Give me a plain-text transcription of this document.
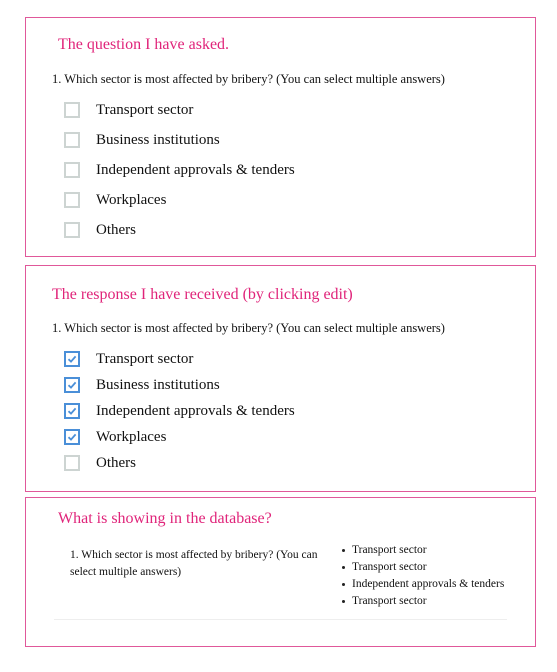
The question I have asked.
1. Which sector is most affected by bribery? (You can select multiple answers)
Transport sector
Business institutions
Independent approvals & tenders
Workplaces
Others
The response I have received (by clicking edit)
1. Which sector is most affected by bribery? (You can select multiple answers)
Transport sector
Business institutions
Independent approvals & tenders
Workplaces
Others
What is showing in the database?
1. Which sector is most affected by bribery? (You can select multiple answers)
Transport sector
Transport sector
Independent approvals & tenders
Transport sector
